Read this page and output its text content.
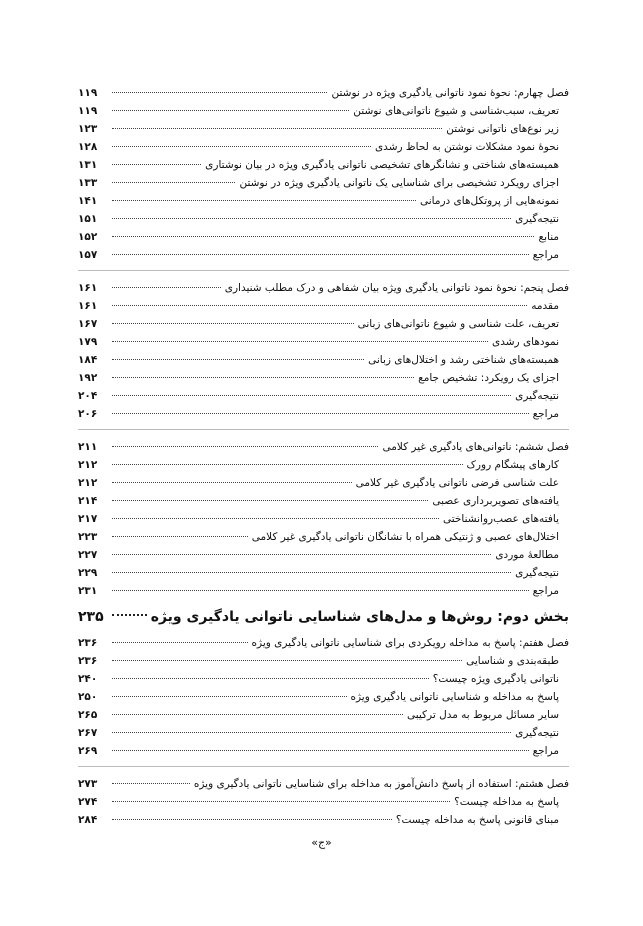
فصل چهارم: نحوۀ نمود ناتوانی یادگیری ویژه در نوشتن
۱۱۹
تعریف، سبب‌شناسی و شیوع ناتوانی‌های نوشتن
۱۱۹
زیر نوع‌های ناتوانی نوشتن
۱۲۳
نحوۀ نمود مشکلات نوشتن به لحاظ رشدی
۱۲۸
همبسته‌های شناختی و نشانگرهای تشخیصی ناتوانی یادگیری ویژه در بیان نوشتاری
۱۳۱
اجزای رویکرد تشخیصی برای شناسایی یک ناتوانی یادگیری ویژه در نوشتن
۱۳۳
نمونه‌هایی از پروتکل‌های درمانی
۱۴۱
نتیجه‌گیری
۱۵۱
منابع
۱۵۲
مراجع
۱۵۷
فصل پنجم: نحوۀ نمود ناتوانی یادگیری ویژه بیان شفاهی و درک مطلب شنیداری
۱۶۱
مقدمه
۱۶۱
تعریف، علت شناسی و شیوع ناتوانی‌های زبانی
۱۶۷
نمودهای رشدی
۱۷۹
همبسته‌های شناختی رشد و اختلال‌های زبانی
۱۸۴
اجزای یک رویکرد: تشخیص جامع
۱۹۲
نتیجه‌گیری
۲۰۴
مراجع
۲۰۶
فصل ششم: ناتوانی‌های یادگیری غیر کلامی
۲۱۱
کارهای پیشگام رورک
۲۱۲
علت شناسی فرضی ناتوانی یادگیری غیر کلامی
۲۱۲
یافته‌های تصویربرداری عصبی
۲۱۴
یافته‌های عصب‌روانشناختی
۲۱۷
اختلال‌های عصبی و ژنتیکی همراه با نشانگان ناتوانی یادگیری غیر کلامی
۲۲۳
مطالعۀ موردی
۲۲۷
نتیجه‌گیری
۲۲۹
مراجع
۲۳۱
بخش دوم: روش‌ها و مدل‌های شناسایی ناتوانی یادگیری ویژه
۲۳۵
فصل هفتم: پاسخ به مداخله رویکردی برای شناسایی ناتوانی یادگیری ویژه
۲۳۶
طبقه‌بندی و شناسایی
۲۳۶
ناتوانی یادگیری ویژه چیست؟
۲۴۰
پاسخ به مداخله و شناسایی ناتوانی یادگیری ویژه
۲۵۰
سایر مسائل مربوط به مدل ترکیبی
۲۶۵
نتیجه‌گیری
۲۶۷
مراجع
۲۶۹
فصل هشتم: استفاده از پاسخ دانش‌آموز به مداخله برای شناسایی ناتوانی یادگیری ویژه
۲۷۳
پاسخ به مداخله چیست؟
۲۷۴
مبنای قانونی پاسخ به مداخله چیست؟
۲۸۴
«ج»
